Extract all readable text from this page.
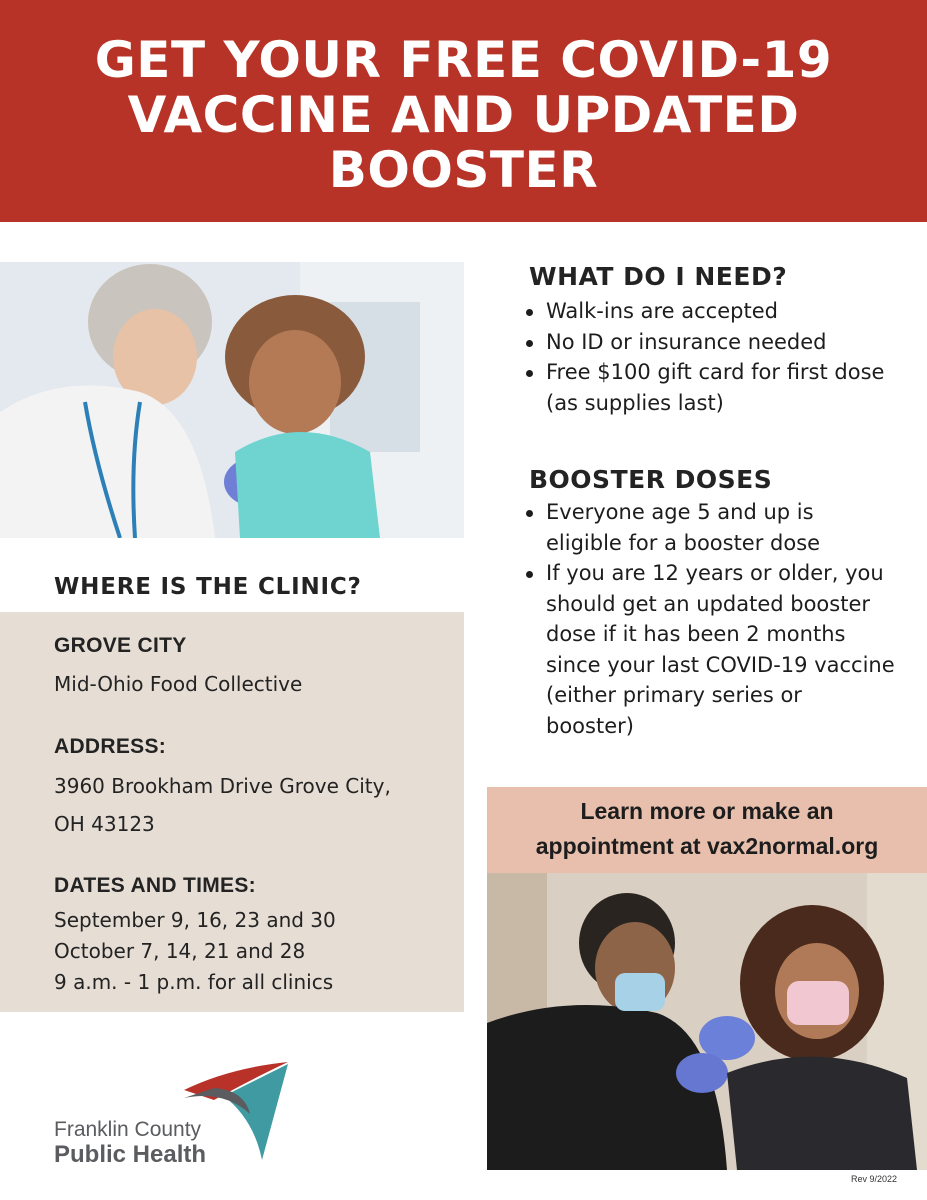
GET YOUR FREE COVID-19 VACCINE AND UPDATED BOOSTER
WHAT DO I NEED?
Walk-ins are accepted
No ID or insurance needed
Free $100 gift card for first dose (as supplies last)
BOOSTER DOSES
Everyone age 5 and up is eligible for a booster dose
If you are 12 years or older, you should get an updated booster dose if it has been 2 months since your last COVID-19 vaccine (either primary series or booster)
WHERE IS THE CLINIC?

GROVE CITY

Mid-Ohio Food Collective

ADDRESS:

3960 Brookham Drive Grove City,

OH 43123

DATES AND TIMES:

September 9, 16, 23 and 30

October 7, 14, 21 and 28

9 a.m. - 1 p.m. for all clinics

Learn more or make an
appointment at vax2normal.org

Franklin County

Public Health

Rev 9/2022
